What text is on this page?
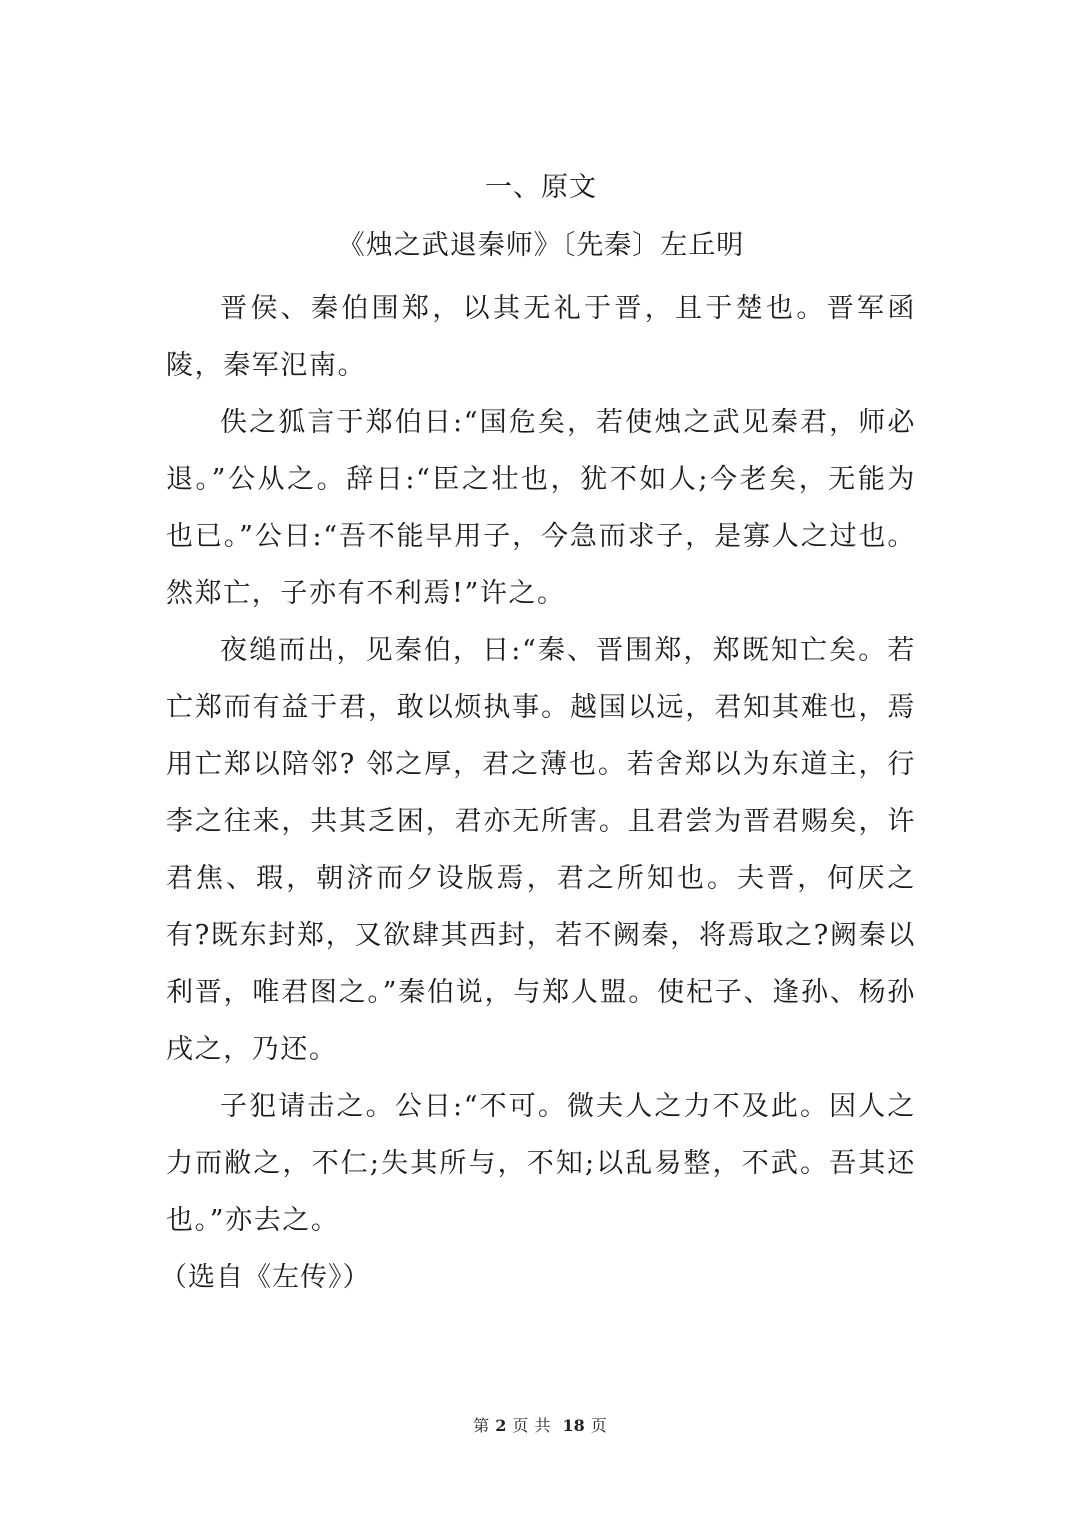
一、原文

《烛之武退秦师》〔先秦〕左丘明

晋侯、秦伯围郑，以其无礼于晋，且于楚也。晋军函陵，秦军氾南。

佚之狐言于郑伯日:“国危矣，若使烛之武见秦君，师必退。”公从之。辞日:“臣之壮也，犹不如人;今老矣，无能为也已。”公日:“吾不能早用子，今急而求子，是寡人之过也。然郑亡，子亦有不利焉!”许之。

夜缒而出，见秦伯，日:“秦、晋围郑，郑既知亡矣。若亡郑而有益于君，敢以烦执事。越国以远，君知其难也，焉用亡郑以陪邻? 邻之厚，君之薄也。若舍郑以为东道主，行李之往来，共其乏困，君亦无所害。且君尝为晋君赐矣，许君焦、瑕，朝济而夕设版焉，君之所知也。夫晋，何厌之有?既东封郑，又欲肆其西封，若不阙秦，将焉取之?阙秦以利晋，唯君图之。”秦伯说，与郑人盟。使杞子、逢孙、杨孙戌之，乃还。

子犯请击之。公日:“不可。微夫人之力不及此。因人之力而敝之，不仁;失其所与，不知;以乱易整，不武。吾其还也。”亦去之。

（选自《左传》）

第 2 页 共 18 页
